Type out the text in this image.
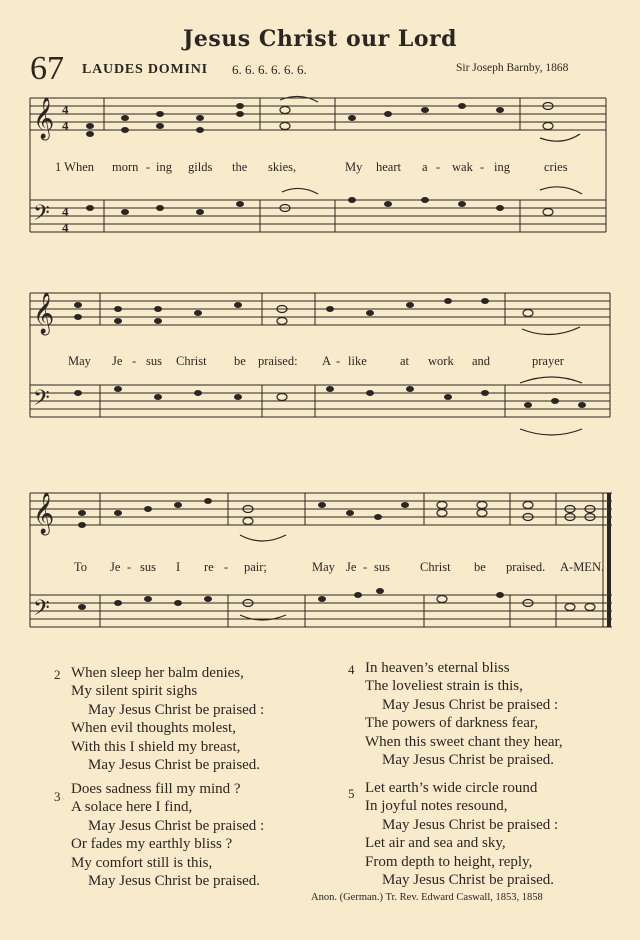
Jesus Christ our Lord
67 LAUDES DOMINI 6. 6. 6. 6. 6. 6.	Sir Joseph Barnby, 1868
𝄞
𝄢
4
4
4
4
1 When morn - ing gilds the skies,	My heart a - wak - ing	cries
𝄞
𝄢
May Je - sus Christ be praised: A - like	at work and	prayer
𝄞
𝄢
To Je - sus I re - pair;	May Je - sus Christ be praised. A-MEN.
2 When sleep her balm denies,
My silent spirit sighs
May Jesus Christ be praised :
When evil thoughts molest,
With this I shield my breast,
May Jesus Christ be praised.
3 Does sadness fill my mind ?
A solace here I find,
May Jesus Christ be praised :
Or fades my earthly bliss ?
My comfort still is this,
May Jesus Christ be praised.
4 In heaven’s eternal bliss
The loveliest strain is this,
May Jesus Christ be praised :
The powers of darkness fear,
When this sweet chant they hear,
May Jesus Christ be praised.
5 Let earth’s wide circle round
In joyful notes resound,
May Jesus Christ be praised :
Let air and sea and sky,
From depth to height, reply,
May Jesus Christ be praised.
Anon. (German.) Tr. Rev. Edward Caswall, 1853, 1858
